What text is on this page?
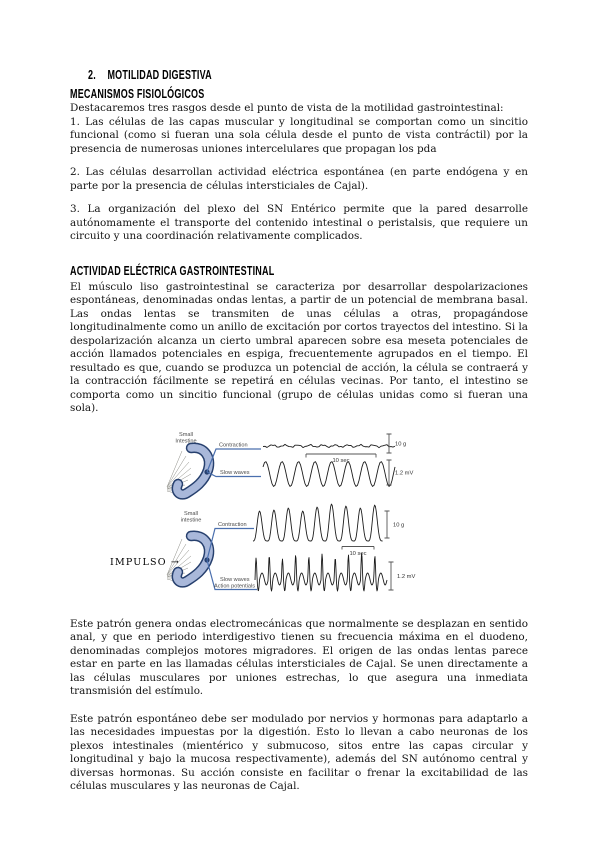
2. MOTILIDAD DIGESTIVA
MECANISMOS FISIOLÓGICOS

Destacaremos tres rasgos desde el punto de vista de la motilidad gastrointestinal:

1. Las células de las capas muscular y longitudinal se comportan como un sincitio funcional (como si fueran una sola célula desde el punto de vista contráctil) por la presencia de numerosas uniones intercelulares que propagan los pda

2. Las células desarrollan actividad eléctrica espontánea (en parte endógena y en parte por la presencia de células intersticiales de Cajal).

3. La organización del plexo del SN Entérico permite que la pared desarrolle autónomamente el transporte del contenido intestinal o peristalsis, que requiere un circuito y una coordinación relativamente complicados.

ACTIVIDAD ELÉCTRICA GASTROINTESTINAL

El músculo liso gastrointestinal se caracteriza por desarrollar despolarizaciones espontáneas, denominadas ondas lentas, a partir de un potencial de membrana basal. Las ondas lentas se transmiten de unas células a otras, propagándose longitudinalmente como un anillo de excitación por cortos trayectos del intestino. Si la despolarización alcanza un cierto umbral aparecen sobre esa meseta potenciales de acción llamados potenciales en espiga, frecuentemente agrupados en el tiempo. El resultado es que, cuando se produzca un potencial de acción, la célula se contraerá y la contracción fácilmente se repetirá en células vecinas. Por tanto, el intestino se comporta como un sincitio funcional (grupo de células unidas como si fueran una sola).

Small
Intestine
Contraction
Slow waves
10 sec
10 g
1.2 mV
IMPULSO →
Small
intestine
Contraction
Slow waves
Action potentials
10 sec
10 g
1.2 mV

Este patrón genera ondas electromecánicas que normalmente se desplazan en sentido anal, y que en periodo interdigestivo tienen su frecuencia máxima en el duodeno, denominadas complejos motores migradores. El origen de las ondas lentas parece estar en parte en las llamadas células intersticiales de Cajal. Se unen directamente a las células musculares por uniones estrechas, lo que asegura una inmediata transmisión del estímulo.

Este patrón espontáneo debe ser modulado por nervios y hormonas para adaptarlo a las necesidades impuestas por la digestión. Esto lo llevan a cabo neuronas de los plexos intestinales (mientérico y submucoso, sitos entre las capas circular y longitudinal y bajo la mucosa respectivamente), además del SN autónomo central y diversas hormonas. Su acción consiste en facilitar o frenar la excitabilidad de las células musculares y las neuronas de Cajal.
